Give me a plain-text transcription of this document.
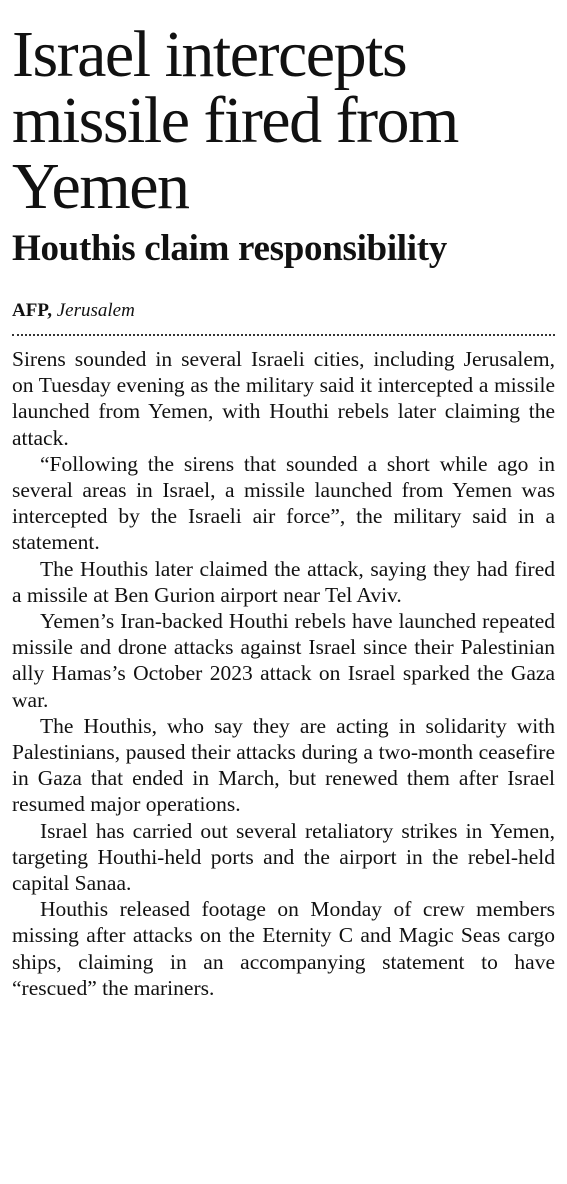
Israel intercepts missile fired from Yemen
Houthis claim responsibility
AFP, Jerusalem

Sirens sounded in several Israeli cities, including Jerusalem, on Tuesday evening as the military said it intercepted a missile launched from Yemen, with Houthi rebels later claiming the attack.

“Following the sirens that sounded a short while ago in several areas in Israel, a missile launched from Yemen was intercepted by the Israeli air force”, the military said in a statement.

The Houthis later claimed the attack, saying they had fired a missile at Ben Gurion airport near Tel Aviv.

Yemen’s Iran-backed Houthi rebels have launched repeated missile and drone attacks against Israel since their Palestinian ally Hamas’s October 2023 attack on Israel sparked the Gaza war.

The Houthis, who say they are acting in solidarity with Palestinians, paused their attacks during a two-month ceasefire in Gaza that ended in March, but renewed them after Israel resumed major operations.

Israel has carried out several retaliatory strikes in Yemen, targeting Houthi-held ports and the airport in the rebel-held capital Sanaa.

Houthis released footage on Monday of crew members missing after attacks on the Eternity C and Magic Seas cargo ships, claiming in an accompanying statement to have “rescued” the mariners.
